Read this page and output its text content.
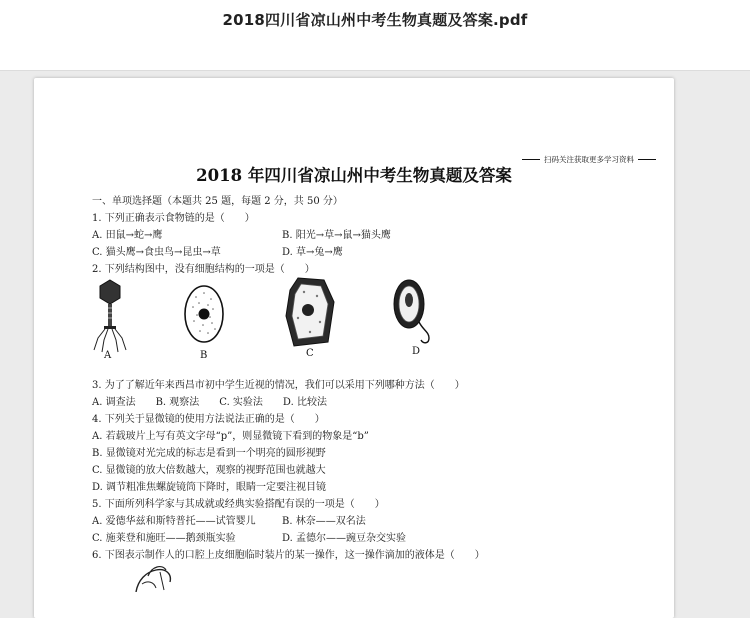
2018四川省凉山州中考生物真题及答案.pdf
扫码关注获取更多学习资料
2018 年四川省凉山州中考生物真题及答案
一、单项选择题（本题共 25 题，每题 2 分，共 50 分）
1. 下列正确表示食物链的是（　　）
A. 田鼠→蛇→鹰	B. 阳光→草→鼠→猫头鹰
C. 猫头鹰→食虫鸟→昆虫→草	D. 草→兔→鹰
2. 下列结构图中，没有细胞结构的一项是（　　）
A	B	C	D
3. 为了了解近年来西昌市初中学生近视的情况，我们可以采用下列哪种方法（　　）
A. 调查法　　B. 观察法　　C. 实验法　　D. 比较法
4. 下列关于显微镜的使用方法说法正确的是（　　）
A. 若载玻片上写有英文字母“p”，则显微镜下看到的物象是“b”
B. 显微镜对光完成的标志是看到一个明亮的圆形视野
C. 显微镜的放大倍数越大，观察的视野范围也就越大
D. 调节粗准焦螺旋镜筒下降时，眼睛一定要注视目镜
5. 下面所列科学家与其成就或经典实验搭配有误的一项是（　　）
A. 爱德华兹和斯特普托——试管婴儿	B. 林奈——双名法
C. 施莱登和施旺——鹅颈瓶实验	D. 孟德尔——豌豆杂交实验
6. 下图表示制作人的口腔上皮细胞临时装片的某一操作，这一操作滴加的液体是（　　）
